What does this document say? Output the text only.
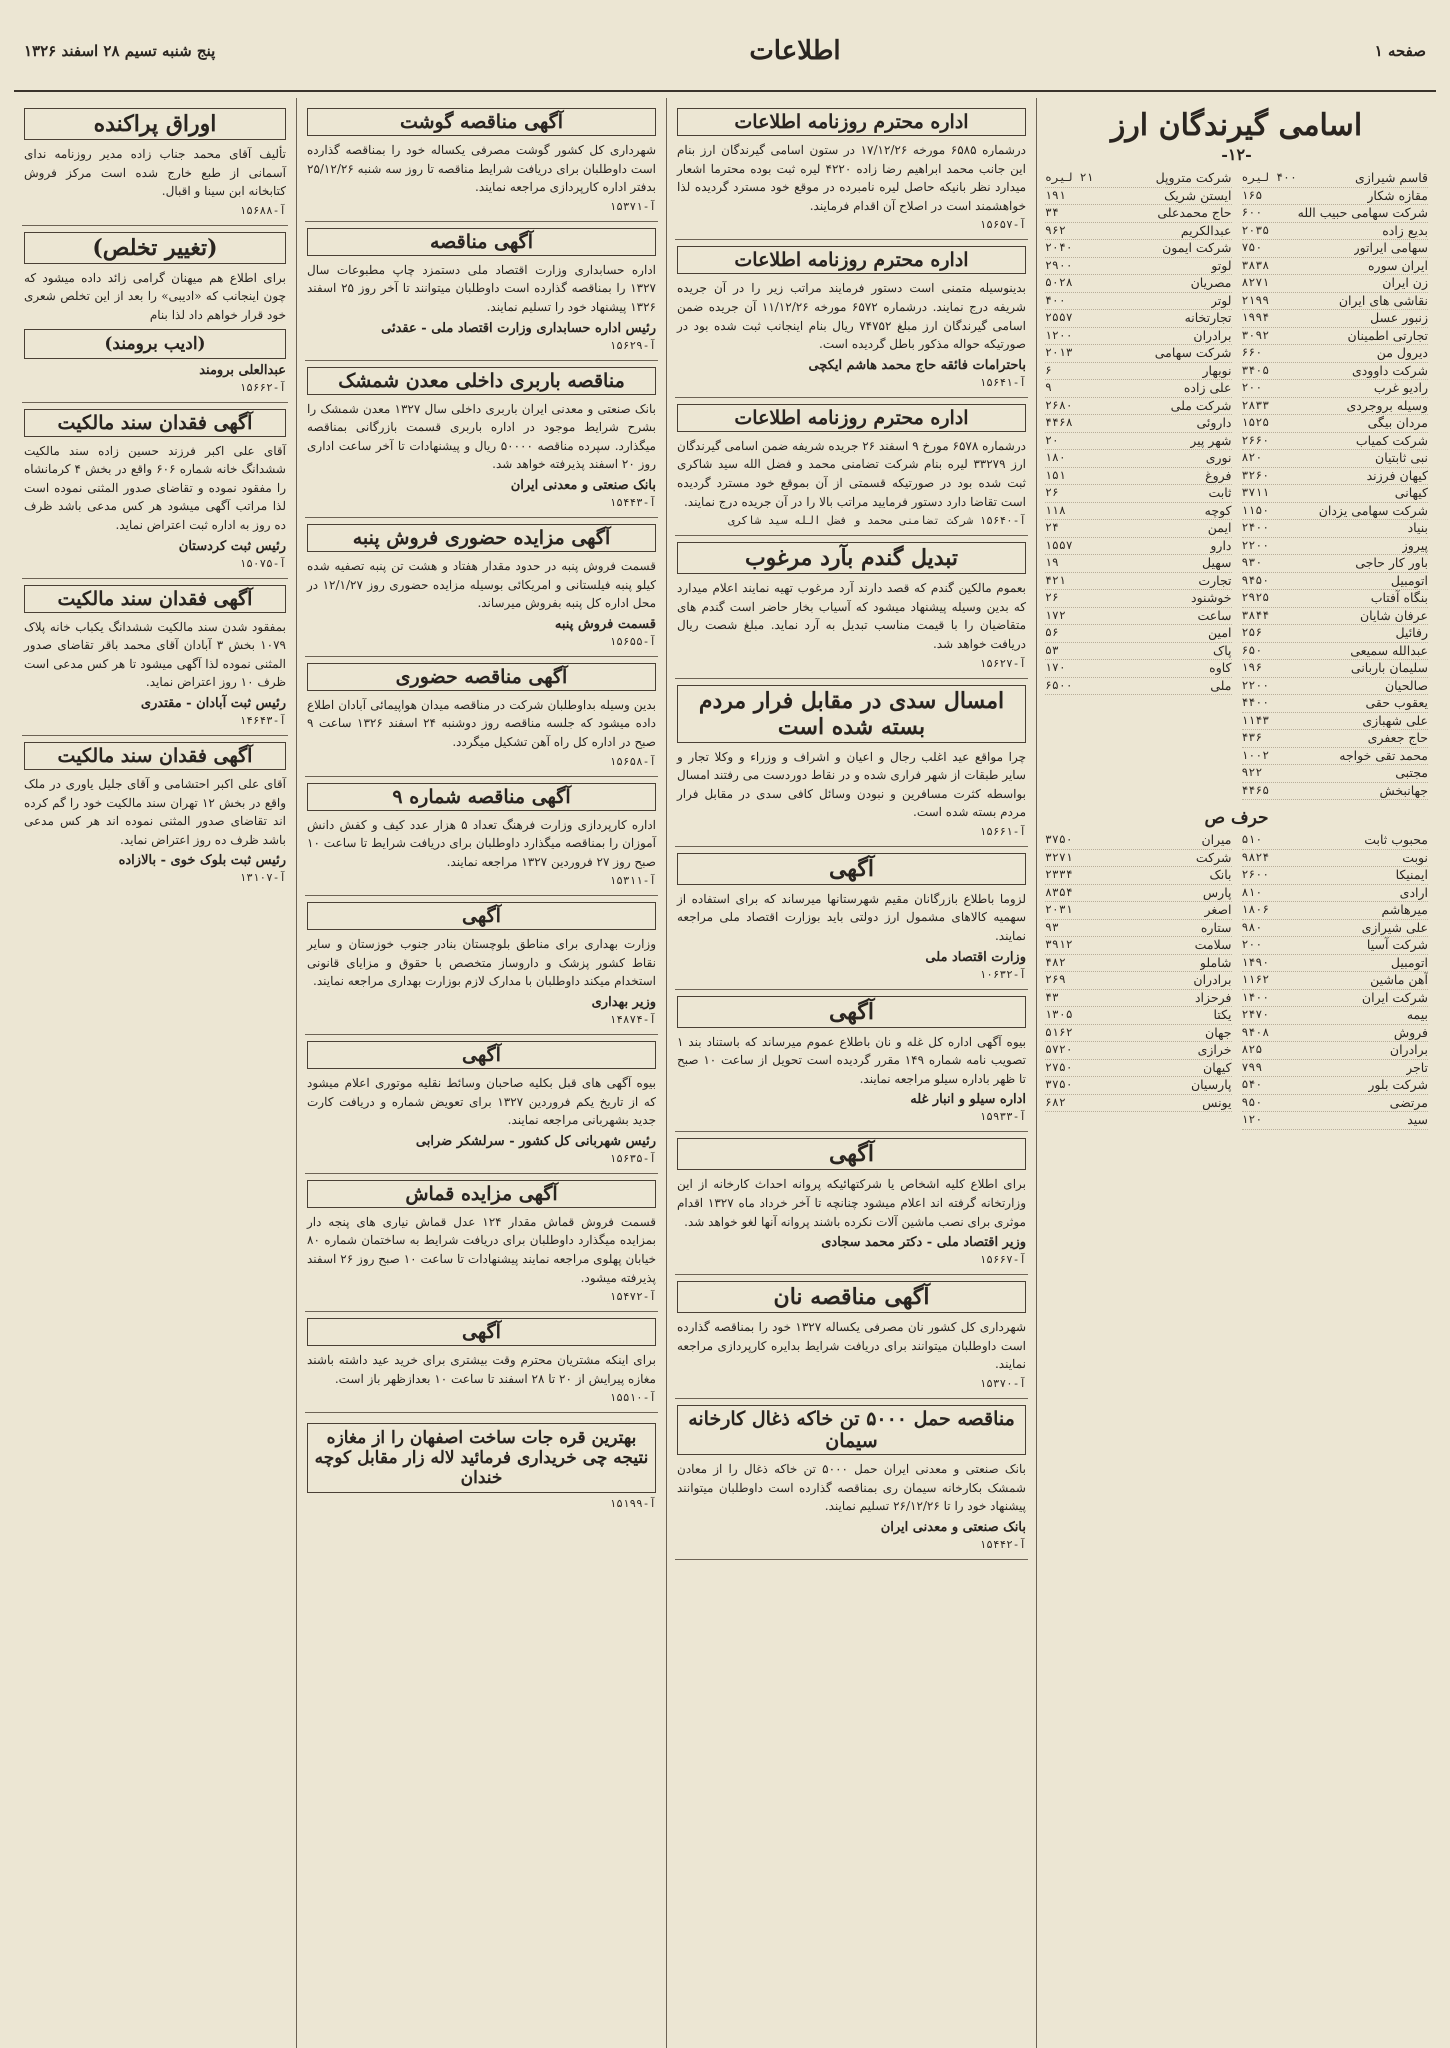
صفحه ۱
اطلاعات
پنج شنبه تسیم ۲۸ اسفند ۱۳۲۶
اسامی گیرندگان ارز
-۱۲-
قاسم شیرازی
۴۰۰ لیره
مقازه شکار
۱۶۵
شرکت سهامی حبیب الله
۶۰۰
بدیع زاده
۲۰۳۵
سهامی ایراتور
۷۵۰
ایران سوره
۳۸۳۸
زن ایران
۸۲۷۱
نقاشی های ایران
۲۱۹۹
زنبور عسل
۱۹۹۴
تجارتی اطمینان
۳۰۹۲
دیرول من
۶۶۰
شرکت داوودی
۳۴۰۵
رادیو غرب
۲۰۰
وسیله بروجردی
۲۸۳۳
مردان بیگی
۱۵۲۵
شرکت کمیاب
۲۶۶۰
نبی ثابتیان
۸۲۰
کیهان فرزند
۳۲۶۰
کیهانی
۳۷۱۱
شرکت سهامی یزدان
۱۱۵۰
بنیاد
۲۴۰۰
پیروز
۲۲۰۰
باور کار حاجی
۹۳۰
اتومبیل
۹۴۵۰
بنگاه آفتاب
۲۹۲۵
عرفان شایان
۳۸۴۴
رفائیل
۲۵۶
عبدالله سمیعی
۶۵۰
سلیمان باربانی
۱۹۶
صالحیان
۲۲۰۰
یعقوب حقی
۴۴۰۰
علی شهبازی
۱۱۴۳
حاج جعفری
۴۳۶
محمد تقی خواجه
۱۰۰۲
مجتبی
۹۲۲
جهانبخش
۴۴۶۵
شرکت متروپل
۲۱ لیره
ایستن شریک
۱۹۱
حاج محمدعلی
۳۴
عبدالکریم
۹۶۲
شرکت ایمون
۲۰۴۰
لوتو
۲۹۰۰
مصریان
۵۰۲۸
لوتر
۴۰۰
تجارتخانه
۲۵۵۷
برادران
۱۲۰۰
شرکت سهامی
۲۰۱۳
نوبهار
۶
علی زاده
۹
شرکت ملی
۲۶۸۰
داروئی
۴۴۶۸
شهر پیر
۲۰
نوری
۱۸۰
فروغ
۱۵۱
ثابت
۲۶
کوچه
۱۱۸
ایمن
۲۴
دارو
۱۵۵۷
سهیل
۱۹
تجارت
۴۲۱
خوشنود
۲۶
ساعت
۱۷۲
امین
۵۶
پاک
۵۳
کاوه
۱۷۰
ملی
۶۵۰۰
حرف ص
محبوب ثابت
۵۱۰
نوبت
۹۸۲۴
ایمنیکا
۲۶۰۰
ارادی
۸۱۰
میرهاشم
۱۸۰۶
علی شیرازی
۹۸۰
شرکت آسیا
۲۰۰
اتومبیل
۱۴۹۰
آهن ماشین
۱۱۶۲
شرکت ایران
۱۴۰۰
بیمه
۲۴۷۰
فروش
۹۴۰۸
برادران
۸۲۵
تاجر
۷۹۹
شرکت بلور
۵۴۰
مرتضی
۹۵۰
سید
۱۲۰
میران
۳۷۵۰
شرکت
۳۲۷۱
بانک
۲۳۳۴
پارس
۸۳۵۴
اصغر
۲۰۳۱
ستاره
۹۳
سلامت
۳۹۱۲
شاملو
۴۸۲
برادران
۲۶۹
فرحزاد
۴۳
یکتا
۱۳۰۵
جهان
۵۱۶۲
خرازی
۵۷۲۰
کیهان
۲۷۵۰
پارسیان
۳۷۵۰
یونس
۶۸۲
اداره محترم روزنامه اطلاعات
درشماره ۶۵۸۵ مورخه ۱۷/۱۲/۲۶ در ستون اسامی گیرندگان ارز بنام این جانب محمد ابراهیم رضا زاده ۴۲۲۰ لیره ثبت بوده محترما اشعار میدارد نظر بانیکه حاصل لیره نامبرده در موقع خود مسترد گردیده لذا خواهشمند است در اصلاح آن اقدام فرمایند.
آ-۱۵۶۵۷
اداره محترم روزنامه اطلاعات
بدینوسیله متمنی است دستور فرمایند مراتب زیر را در آن جریده شریفه درج نمایند. درشماره ۶۵۷۲ مورخه ۱۱/۱۲/۲۶ آن جریده ضمن اسامی گیرندگان ارز مبلغ ۷۴۷۵۲ ریال بنام اینجانب ثبت شده بود در صورتیکه حواله مذکور باطل گردیده است.
باحترامات فائقه حاج محمد هاشم ایکچی
آ-۱۵۶۴۱
اداره محترم روزنامه اطلاعات
درشماره ۶۵۷۸ مورخ ۹ اسفند ۲۶ جریده شریفه ضمن اسامی گیرندگان ارز ۳۳۲۷۹ لیره بنام شرکت تضامنی محمد و فضل الله سید شاکری ثبت شده بود در صورتیکه قسمتی از آن بموقع خود مسترد گردیده است تقاضا دارد دستور فرمایید مراتب بالا را در آن جریده درج نمایند.
آ-۱۵۶۴۰ شرکت تضامنی محمد و فضل الله سید شاکری
تبدیل گندم بآرد مرغوب
بعموم مالکین گندم که قصد دارند آرد مرغوب تهیه نمایند اعلام میدارد که بدین وسیله پیشنهاد میشود که آسیاب بخار حاضر است گندم های متقاضیان را با قیمت مناسب تبدیل به آرد نماید. مبلغ شصت ریال دریافت خواهد شد.
آ-۱۵۶۲۷
امسال سدی در مقابل فرار مردم بسته شده است
چرا مواقع عید اغلب رجال و اعیان و اشراف و وزراء و وکلا تجار و سایر طبقات از شهر فراری شده و در نقاط دوردست می رفتند امسال بواسطه کثرت مسافرین و نبودن وسائل کافی سدی در مقابل فرار مردم بسته شده است.
آ-۱۵۶۶۱
آگهی
لزوما باطلاع بازرگانان مقیم شهرستانها میرساند که برای استفاده از سهمیه کالاهای مشمول ارز دولتی باید بوزارت اقتصاد ملی مراجعه نمایند.
وزارت اقتصاد ملی
آ-۱۰۶۳۲
آگهی
بیوه آگهی اداره کل غله و نان باطلاع عموم میرساند که باستناد بند ۱ تصویب نامه شماره ۱۴۹ مقرر گردیده است تحویل از ساعت ۱۰ صبح تا ظهر باداره سیلو مراجعه نمایند.
اداره سیلو و انبار غله
آ-۱۵۹۳۳
آگهی
برای اطلاع کلیه اشخاص یا شرکتهائیکه پروانه احداث کارخانه از این وزارتخانه گرفته اند اعلام میشود چنانچه تا آخر خرداد ماه ۱۳۲۷ اقدام موثری برای نصب ماشین آلات نکرده باشند پروانه آنها لغو خواهد شد.
وزیر اقتصاد ملی - دکتر محمد سجادی
آ-۱۵۶۶۷
آگهی مناقصه نان
شهرداری کل کشور نان مصرفی یکساله ۱۳۲۷ خود را بمناقصه گذارده است داوطلبان میتوانند برای دریافت شرایط بدایره کارپردازی مراجعه نمایند.
آ-۱۵۳۷۰
مناقصه حمل ۵۰۰۰ تن خاکه ذغال کارخانه سیمان
بانک صنعتی و معدنی ایران حمل ۵۰۰۰ تن خاکه ذغال را از معادن شمشک بکارخانه سیمان ری بمناقصه گذارده است داوطلبان میتوانند پیشنهاد خود را تا ۲۶/۱۲/۲۶ تسلیم نمایند.
بانک صنعتی و معدنی ایران
آ-۱۵۴۴۲
آگهی مناقصه گوشت
شهرداری کل کشور گوشت مصرفی یکساله خود را بمناقصه گذارده است داوطلبان برای دریافت شرایط مناقصه تا روز سه شنبه ۲۵/۱۲/۲۶ بدفتر اداره کارپردازی مراجعه نمایند.
آ-۱۵۳۷۱
آگهی مناقصه
اداره حسابداری وزارت اقتصاد ملی دستمزد چاپ مطبوعات سال ۱۳۲۷ را بمناقصه گذارده است داوطلبان میتوانند تا آخر روز ۲۵ اسفند ۱۳۲۶ پیشنهاد خود را تسلیم نمایند.
رئیس اداره حسابداری وزارت اقتصاد ملی - عقدئی
آ-۱۵۶۲۹
مناقصه باربری داخلی معدن شمشک
بانک صنعتی و معدنی ایران باربری داخلی سال ۱۳۲۷ معدن شمشک را بشرح شرایط موجود در اداره باربری قسمت بازرگانی بمناقصه میگذارد. سپرده مناقصه ۵۰۰۰۰ ریال و پیشنهادات تا آخر ساعت اداری روز ۲۰ اسفند پذیرفته خواهد شد.
بانک صنعتی و معدنی ایران
آ-۱۵۴۴۳
آگهی مزایده حضوری فروش پنبه
قسمت فروش پنبه در حدود مقدار هفتاد و هشت تن پنبه تصفیه شده کیلو پنبه فیلستانی و امریکائی بوسیله مزایده حضوری روز ۱۲/۱/۲۷ در محل اداره کل پنبه بفروش میرساند.
قسمت فروش پنبه
آ-۱۵۶۵۵
آگهی مناقصه حضوری
بدین وسیله بداوطلبان شرکت در مناقصه میدان هواپیمائی آبادان اطلاع داده میشود که جلسه مناقصه روز دوشنبه ۲۴ اسفند ۱۳۲۶ ساعت ۹ صبح در اداره کل راه آهن تشکیل میگردد.
آ-۱۵۶۵۸
آگهی مناقصه شماره ۹
اداره کارپردازی وزارت فرهنگ تعداد ۵ هزار عدد کیف و کفش دانش آموزان را بمناقصه میگذارد داوطلبان برای دریافت شرایط تا ساعت ۱۰ صبح روز ۲۷ فروردین ۱۳۲۷ مراجعه نمایند.
آ-۱۵۳۱۱
آگهی
وزارت بهداری برای مناطق بلوچستان بنادر جنوب خوزستان و سایر نقاط کشور پزشک و داروساز متخصص با حقوق و مزایای قانونی استخدام میکند داوطلبان با مدارک لازم بوزارت بهداری مراجعه نمایند.
وزیر بهداری
آ-۱۴۸۷۴
آگهی
بیوه آگهی های قبل بکلیه صاحبان وسائط نقلیه موتوری اعلام میشود که از تاریخ یکم فروردین ۱۳۲۷ برای تعویض شماره و دریافت کارت جدید بشهربانی مراجعه نمایند.
رئیس شهربانی کل کشور - سرلشکر ضرابی
آ-۱۵۶۳۵
آگهی مزایده قماش
قسمت فروش قماش مقدار ۱۲۴ عدل قماش نیاری های پنجه دار بمزایده میگذارد داوطلبان برای دریافت شرایط به ساختمان شماره ۸۰ خیابان پهلوی مراجعه نمایند پیشنهادات تا ساعت ۱۰ صبح روز ۲۶ اسفند پذیرفته میشود.
آ-۱۵۴۷۲
آگهی
برای اینکه مشتریان محترم وقت بیشتری برای خرید عید داشته باشند مغازه پیرایش از ۲۰ تا ۲۸ اسفند تا ساعت ۱۰ بعدازظهر باز است.
آ-۱۵۵۱۰
بهترین قره جات ساخت اصفهان را از مغازه نتیجه چی خریداری فرمائید لاله زار مقابل کوچه خندان
آ-۱۵۱۹۹
اوراق پراکنده
تألیف آقای محمد جناب زاده مدیر روزنامه ندای آسمانی از طبع خارج شده است مرکز فروش کتابخانه ابن سینا و اقبال.
آ-۱۵۶۸۸
(تغییر تخلص)
برای اطلاع هم میهنان گرامی زائد داده میشود که چون اینجانب که «ادیبی» را بعد از این تخلص شعری خود قرار خواهم داد لذا بنام
(ادیب برومند)
عبدالعلی برومند
آ-۱۵۶۶۲
آگهی فقدان سند مالکیت
آقای علی اکبر فرزند حسین زاده سند مالکیت ششدانگ خانه شماره ۶۰۶ واقع در بخش ۴ کرمانشاه را مفقود نموده و تقاضای صدور المثنی نموده است لذا مراتب آگهی میشود هر کس مدعی باشد ظرف ده روز به اداره ثبت اعتراض نماید.
رئیس ثبت کردستان
آ-۱۵۰۷۵
آگهی فقدان سند مالکیت
بمفقود شدن سند مالکیت ششدانگ یکباب خانه پلاک ۱۰۷۹ بخش ۳ آبادان آقای محمد باقر تقاضای صدور المثنی نموده لذا آگهی میشود تا هر کس مدعی است ظرف ۱۰ روز اعتراض نماید.
رئیس ثبت آبادان - مقتدری
آ-۱۴۶۴۳
آگهی فقدان سند مالکیت
آقای علی اکبر احتشامی و آقای جلیل یاوری در ملک واقع در بخش ۱۲ تهران سند مالکیت خود را گم کرده اند تقاضای صدور المثنی نموده اند هر کس مدعی باشد ظرف ده روز اعتراض نماید.
رئیس ثبت بلوک خوی - بالازاده
آ-۱۳۱۰۷
